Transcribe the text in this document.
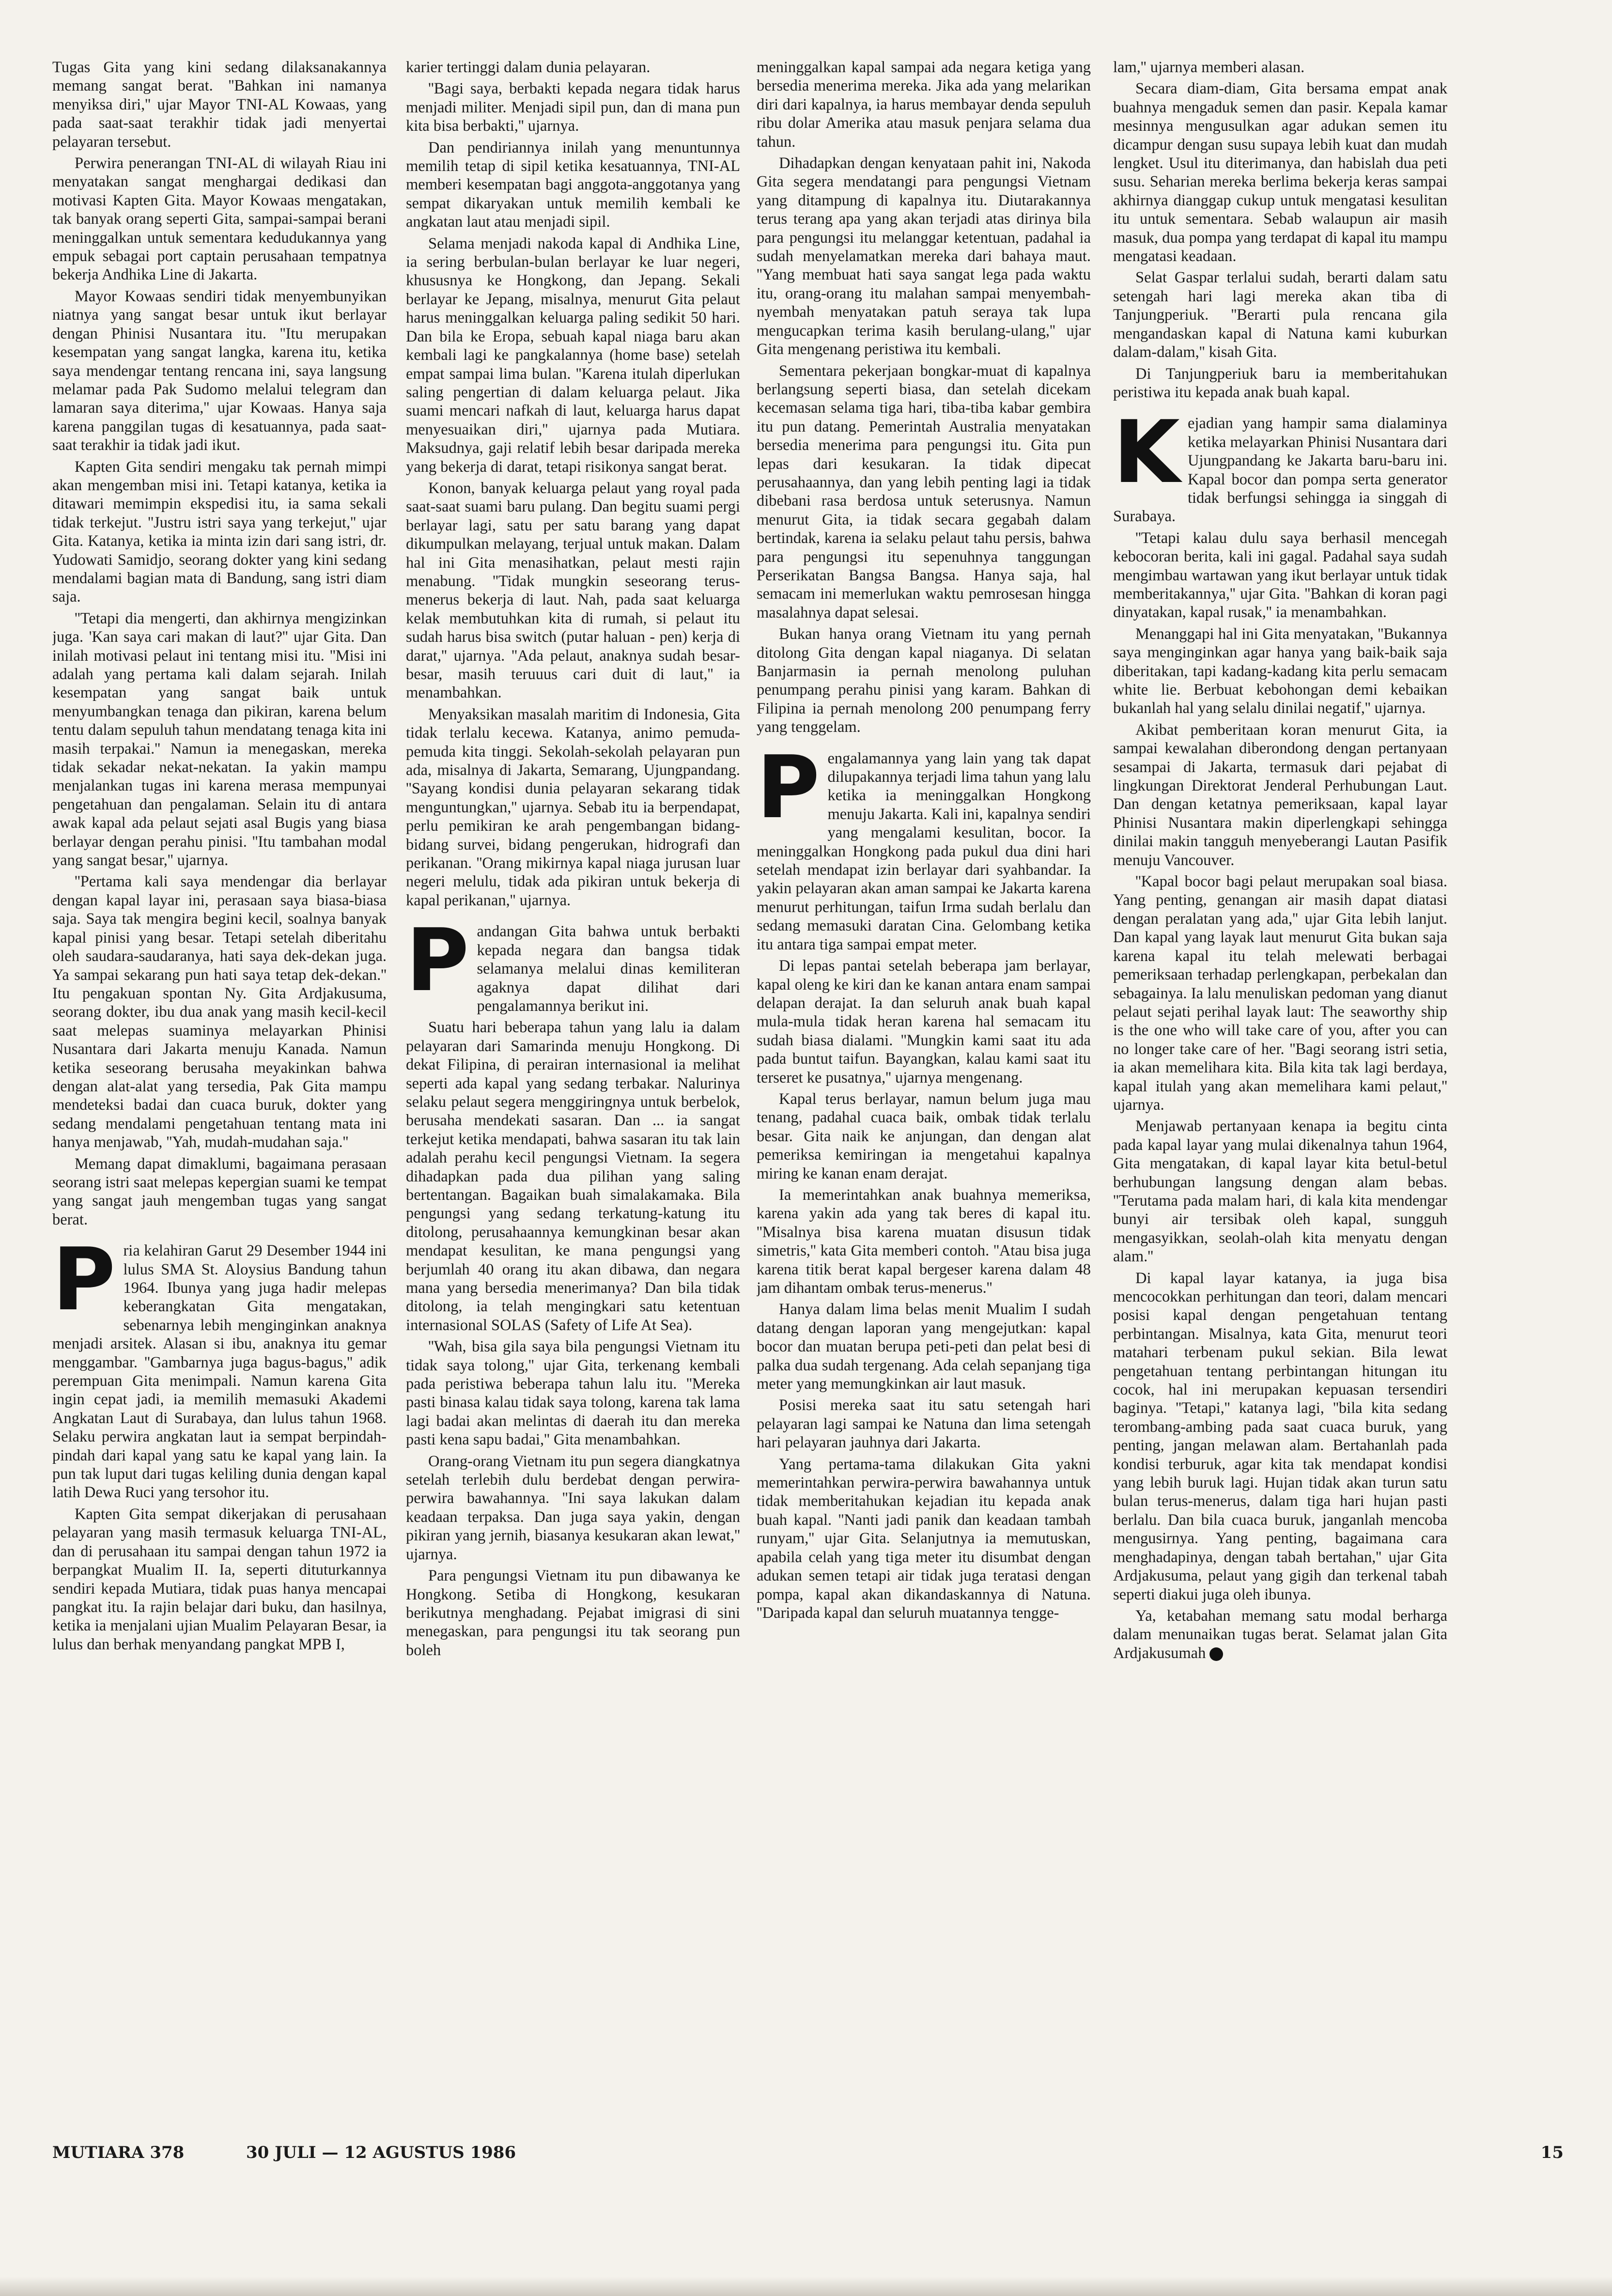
Tugas Gita yang kini sedang dilaksanakannya memang sangat berat. ''Bahkan ini namanya menyiksa diri,'' ujar Mayor TNI-AL Kowaas, yang pada saat-saat terakhir tidak jadi menyertai pelayaran tersebut.

Perwira penerangan TNI-AL di wilayah Riau ini menyatakan sangat menghargai dedikasi dan motivasi Kapten Gita. Mayor Kowaas mengatakan, tak banyak orang seperti Gita, sampai-sampai berani meninggalkan untuk sementara kedudukannya yang empuk sebagai port captain perusahaan tempatnya bekerja Andhika Line di Jakarta.

Mayor Kowaas sendiri tidak menyembunyikan niatnya yang sangat besar untuk ikut berlayar dengan Phinisi Nusantara itu. ''Itu merupakan kesempatan yang sangat langka, karena itu, ketika saya mendengar tentang rencana ini, saya langsung melamar pada Pak Sudomo melalui telegram dan lamaran saya diterima,'' ujar Kowaas. Hanya saja karena panggilan tugas di kesatuannya, pada saat-saat terakhir ia tidak jadi ikut.

Kapten Gita sendiri mengaku tak pernah mimpi akan mengemban misi ini. Tetapi katanya, ketika ia ditawari memimpin ekspedisi itu, ia sama sekali tidak terkejut. ''Justru istri saya yang terkejut,'' ujar Gita. Katanya, ketika ia minta izin dari sang istri, dr. Yudowati Samidjo, seorang dokter yang kini sedang mendalami bagian mata di Bandung, sang istri diam saja.

''Tetapi dia mengerti, dan akhirnya mengizinkan juga. 'Kan saya cari makan di laut?'' ujar Gita. Dan inilah motivasi pelaut ini tentang misi itu. ''Misi ini adalah yang pertama kali dalam sejarah. Inilah kesempatan yang sangat baik untuk menyumbangkan tenaga dan pikiran, karena belum tentu dalam sepuluh tahun mendatang tenaga kita ini masih terpakai.'' Namun ia menegaskan, mereka tidak sekadar nekat-nekatan. Ia yakin mampu menjalankan tugas ini karena merasa mempunyai pengetahuan dan pengalaman. Selain itu di antara awak kapal ada pelaut sejati asal Bugis yang biasa berlayar dengan perahu pinisi. ''Itu tambahan modal yang sangat besar,'' ujarnya.

''Pertama kali saya mendengar dia berlayar dengan kapal layar ini, perasaan saya biasa-biasa saja. Saya tak mengira begini kecil, soalnya banyak kapal pinisi yang besar. Tetapi setelah diberitahu oleh saudara-saudaranya, hati saya dek-dekan juga. Ya sampai sekarang pun hati saya tetap dek-dekan.'' Itu pengakuan spontan Ny. Gita Ardjakusuma, seorang dokter, ibu dua anak yang masih kecil-kecil saat melepas suaminya melayarkan Phinisi Nusantara dari Jakarta menuju Kanada. Namun ketika seseorang berusaha meyakinkan bahwa dengan alat-alat yang tersedia, Pak Gita mampu mendeteksi badai dan cuaca buruk, dokter yang sedang mendalami pengetahuan tentang mata ini hanya menjawab, ''Yah, mudah-mudahan saja.''

Memang dapat dimaklumi, bagaimana perasaan seorang istri saat melepas kepergian suami ke tempat yang sangat jauh mengemban tugas yang sangat berat.

Pria kelahiran Garut 29 Desember 1944 ini lulus SMA St. Aloysius Bandung tahun 1964. Ibunya yang juga hadir melepas keberangkatan Gita mengatakan, sebenarnya lebih menginginkan anaknya menjadi arsitek. Alasan si ibu, anaknya itu gemar menggambar. ''Gambarnya juga bagus-bagus,'' adik perempuan Gita menimpali. Namun karena Gita ingin cepat jadi, ia memilih memasuki Akademi Angkatan Laut di Surabaya, dan lulus tahun 1968. Selaku perwira angkatan laut ia sempat berpindah-pindah dari kapal yang satu ke kapal yang lain. Ia pun tak luput dari tugas keliling dunia dengan kapal latih Dewa Ruci yang tersohor itu.

Kapten Gita sempat dikerjakan di perusahaan pelayaran yang masih termasuk keluarga TNI-AL, dan di perusahaan itu sampai dengan tahun 1972 ia berpangkat Mualim II. Ia, seperti dituturkannya sendiri kepada Mutiara, tidak puas hanya mencapai pangkat itu. Ia rajin belajar dari buku, dan hasilnya, ketika ia menjalani ujian Mualim Pelayaran Besar, ia lulus dan berhak menyandang pangkat MPB I,

karier tertinggi dalam dunia pelayaran.

''Bagi saya, berbakti kepada negara tidak harus menjadi militer. Menjadi sipil pun, dan di mana pun kita bisa berbakti,'' ujarnya.

Dan pendiriannya inilah yang menuntunnya memilih tetap di sipil ketika kesatuannya, TNI-AL memberi kesempatan bagi anggota-anggotanya yang sempat dikaryakan untuk memilih kembali ke angkatan laut atau menjadi sipil.

Selama menjadi nakoda kapal di Andhika Line, ia sering berbulan-bulan berlayar ke luar negeri, khususnya ke Hongkong, dan Jepang. Sekali berlayar ke Jepang, misalnya, menurut Gita pelaut harus meninggalkan keluarga paling sedikit 50 hari. Dan bila ke Eropa, sebuah kapal niaga baru akan kembali lagi ke pangkalannya (home base) setelah empat sampai lima bulan. ''Karena itulah diperlukan saling pengertian di dalam keluarga pelaut. Jika suami mencari nafkah di laut, keluarga harus dapat menyesuaikan diri,'' ujarnya pada Mutiara. Maksudnya, gaji relatif lebih besar daripada mereka yang bekerja di darat, tetapi risikonya sangat berat.

Konon, banyak keluarga pelaut yang royal pada saat-saat suami baru pulang. Dan begitu suami pergi berlayar lagi, satu per satu barang yang dapat dikumpulkan melayang, terjual untuk makan. Dalam hal ini Gita menasihatkan, pelaut mesti rajin menabung. ''Tidak mungkin seseorang terus-menerus bekerja di laut. Nah, pada saat keluarga kelak membutuhkan kita di rumah, si pelaut itu sudah harus bisa switch (putar haluan - pen) kerja di darat,'' ujarnya. ''Ada pelaut, anaknya sudah besar-besar, masih teruuus cari duit di laut,'' ia menambahkan.

Menyaksikan masalah maritim di Indonesia, Gita tidak terlalu kecewa. Katanya, animo pemuda-pemuda kita tinggi. Sekolah-sekolah pelayaran pun ada, misalnya di Jakarta, Semarang, Ujungpandang. ''Sayang kondisi dunia pelayaran sekarang tidak menguntungkan,'' ujarnya. Sebab itu ia berpendapat, perlu pemikiran ke arah pengembangan bidang-bidang survei, bidang pengerukan, hidrografi dan perikanan. ''Orang mikirnya kapal niaga jurusan luar negeri melulu, tidak ada pikiran untuk bekerja di kapal perikanan,'' ujarnya.

Pandangan Gita bahwa untuk berbakti kepada negara dan bangsa tidak selamanya melalui dinas kemiliteran agaknya dapat dilihat dari pengalamannya berikut ini.

Suatu hari beberapa tahun yang lalu ia dalam pelayaran dari Samarinda menuju Hongkong. Di dekat Filipina, di perairan internasional ia melihat seperti ada kapal yang sedang terbakar. Nalurinya selaku pelaut segera menggiringnya untuk berbelok, berusaha mendekati sasaran. Dan ... ia sangat terkejut ketika mendapati, bahwa sasaran itu tak lain adalah perahu kecil pengungsi Vietnam. Ia segera dihadapkan pada dua pilihan yang saling bertentangan. Bagaikan buah simalakamaka. Bila pengungsi yang sedang terkatung-katung itu ditolong, perusahaannya kemungkinan besar akan mendapat kesulitan, ke mana pengungsi yang berjumlah 40 orang itu akan dibawa, dan negara mana yang bersedia menerimanya? Dan bila tidak ditolong, ia telah mengingkari satu ketentuan internasional SOLAS (Safety of Life At Sea).

''Wah, bisa gila saya bila pengungsi Vietnam itu tidak saya tolong,'' ujar Gita, terkenang kembali pada peristiwa beberapa tahun lalu itu. ''Mereka pasti binasa kalau tidak saya tolong, karena tak lama lagi badai akan melintas di daerah itu dan mereka pasti kena sapu badai,'' Gita menambahkan.

Orang-orang Vietnam itu pun segera diangkatnya setelah terlebih dulu berdebat dengan perwira-perwira bawahannya. ''Ini saya lakukan dalam keadaan terpaksa. Dan juga saya yakin, dengan pikiran yang jernih, biasanya kesukaran akan lewat,'' ujarnya.

Para pengungsi Vietnam itu pun dibawanya ke Hongkong. Setiba di Hongkong, kesukaran berikutnya menghadang. Pejabat imigrasi di sini menegaskan, para pengungsi itu tak seorang pun boleh

meninggalkan kapal sampai ada negara ketiga yang bersedia menerima mereka. Jika ada yang melarikan diri dari kapalnya, ia harus membayar denda sepuluh ribu dolar Amerika atau masuk penjara selama dua tahun.

Dihadapkan dengan kenyataan pahit ini, Nakoda Gita segera mendatangi para pengungsi Vietnam yang ditampung di kapalnya itu. Diutarakannya terus terang apa yang akan terjadi atas dirinya bila para pengungsi itu melanggar ketentuan, padahal ia sudah menyelamatkan mereka dari bahaya maut. ''Yang membuat hati saya sangat lega pada waktu itu, orang-orang itu malahan sampai menyembah-nyembah menyatakan patuh seraya tak lupa mengucapkan terima kasih berulang-ulang,'' ujar Gita mengenang peristiwa itu kembali.

Sementara pekerjaan bongkar-muat di kapalnya berlangsung seperti biasa, dan setelah dicekam kecemasan selama tiga hari, tiba-tiba kabar gembira itu pun datang. Pemerintah Australia menyatakan bersedia menerima para pengungsi itu. Gita pun lepas dari kesukaran. Ia tidak dipecat perusahaannya, dan yang lebih penting lagi ia tidak dibebani rasa berdosa untuk seterusnya. Namun menurut Gita, ia tidak secara gegabah dalam bertindak, karena ia selaku pelaut tahu persis, bahwa para pengungsi itu sepenuhnya tanggungan Perserikatan Bangsa Bangsa. Hanya saja, hal semacam ini memerlukan waktu pemrosesan hingga masalahnya dapat selesai.

Bukan hanya orang Vietnam itu yang pernah ditolong Gita dengan kapal niaganya. Di selatan Banjarmasin ia pernah menolong puluhan penumpang perahu pinisi yang karam. Bahkan di Filipina ia pernah menolong 200 penumpang ferry yang tenggelam.

Pengalamannya yang lain yang tak dapat dilupakannya terjadi lima tahun yang lalu ketika ia meninggalkan Hongkong menuju Jakarta. Kali ini, kapalnya sendiri yang mengalami kesulitan, bocor. Ia meninggalkan Hongkong pada pukul dua dini hari setelah mendapat izin berlayar dari syahbandar. Ia yakin pelayaran akan aman sampai ke Jakarta karena menurut perhitungan, taifun Irma sudah berlalu dan sedang memasuki daratan Cina. Gelombang ketika itu antara tiga sampai empat meter.

Di lepas pantai setelah beberapa jam berlayar, kapal oleng ke kiri dan ke kanan antara enam sampai delapan derajat. Ia dan seluruh anak buah kapal mula-mula tidak heran karena hal semacam itu sudah biasa dialami. ''Mungkin kami saat itu ada pada buntut taifun. Bayangkan, kalau kami saat itu terseret ke pusatnya,'' ujarnya mengenang.

Kapal terus berlayar, namun belum juga mau tenang, padahal cuaca baik, ombak tidak terlalu besar. Gita naik ke anjungan, dan dengan alat pemeriksa kemiringan ia mengetahui kapalnya miring ke kanan enam derajat.

Ia memerintahkan anak buahnya memeriksa, karena yakin ada yang tak beres di kapal itu. ''Misalnya bisa karena muatan disusun tidak simetris,'' kata Gita memberi contoh. ''Atau bisa juga karena titik berat kapal bergeser karena dalam 48 jam dihantam ombak terus-menerus.''

Hanya dalam lima belas menit Mualim I sudah datang dengan laporan yang mengejutkan: kapal bocor dan muatan berupa peti-peti dan pelat besi di palka dua sudah tergenang. Ada celah sepanjang tiga meter yang memungkinkan air laut masuk.

Posisi mereka saat itu satu setengah hari pelayaran lagi sampai ke Natuna dan lima setengah hari pelayaran jauhnya dari Jakarta.

Yang pertama-tama dilakukan Gita yakni memerintahkan perwira-perwira bawahannya untuk tidak memberitahukan kejadian itu kepada anak buah kapal. ''Nanti jadi panik dan keadaan tambah runyam,'' ujar Gita. Selanjutnya ia memutuskan, apabila celah yang tiga meter itu disumbat dengan adukan semen tetapi air tidak juga teratasi dengan pompa, kapal akan dikandaskannya di Natuna. ''Daripada kapal dan seluruh muatannya tengge-

lam,'' ujarnya memberi alasan.

Secara diam-diam, Gita bersama empat anak buahnya mengaduk semen dan pasir. Kepala kamar mesinnya mengusulkan agar adukan semen itu dicampur dengan susu supaya lebih kuat dan mudah lengket. Usul itu diterimanya, dan habislah dua peti susu. Seharian mereka berlima bekerja keras sampai akhirnya dianggap cukup untuk mengatasi kesulitan itu untuk sementara. Sebab walaupun air masih masuk, dua pompa yang terdapat di kapal itu mampu mengatasi keadaan.

Selat Gaspar terlalui sudah, berarti dalam satu setengah hari lagi mereka akan tiba di Tanjungperiuk. ''Berarti pula rencana gila mengandaskan kapal di Natuna kami kuburkan dalam-dalam,'' kisah Gita.

Di Tanjungperiuk baru ia memberitahukan peristiwa itu kepada anak buah kapal.

Kejadian yang hampir sama dialaminya ketika melayarkan Phinisi Nusantara dari Ujungpandang ke Jakarta baru-baru ini. Kapal bocor dan pompa serta generator tidak berfungsi sehingga ia singgah di Surabaya.

''Tetapi kalau dulu saya berhasil mencegah kebocoran berita, kali ini gagal. Padahal saya sudah mengimbau wartawan yang ikut berlayar untuk tidak memberitakannya,'' ujar Gita. ''Bahkan di koran pagi dinyatakan, kapal rusak,'' ia menambahkan.

Menanggapi hal ini Gita menyatakan, ''Bukannya saya menginginkan agar hanya yang baik-baik saja diberitakan, tapi kadang-kadang kita perlu semacam white lie. Berbuat kebohongan demi kebaikan bukanlah hal yang selalu dinilai negatif,'' ujarnya.

Akibat pemberitaan koran menurut Gita, ia sampai kewalahan diberondong dengan pertanyaan sesampai di Jakarta, termasuk dari pejabat di lingkungan Direktorat Jenderal Perhubungan Laut. Dan dengan ketatnya pemeriksaan, kapal layar Phinisi Nusantara makin diperlengkapi sehingga dinilai makin tangguh menyeberangi Lautan Pasifik menuju Vancouver.

''Kapal bocor bagi pelaut merupakan soal biasa. Yang penting, genangan air masih dapat diatasi dengan peralatan yang ada,'' ujar Gita lebih lanjut. Dan kapal yang layak laut menurut Gita bukan saja karena kapal itu telah melewati berbagai pemeriksaan terhadap perlengkapan, perbekalan dan sebagainya. Ia lalu menuliskan pedoman yang dianut pelaut sejati perihal layak laut: The seaworthy ship is the one who will take care of you, after you can no longer take care of her. ''Bagi seorang istri setia, ia akan memelihara kita. Bila kita tak lagi berdaya, kapal itulah yang akan memelihara kami pelaut,'' ujarnya.

Menjawab pertanyaan kenapa ia begitu cinta pada kapal layar yang mulai dikenalnya tahun 1964, Gita mengatakan, di kapal layar kita betul-betul berhubungan langsung dengan alam bebas. ''Terutama pada malam hari, di kala kita mendengar bunyi air tersibak oleh kapal, sungguh mengasyikkan, seolah-olah kita menyatu dengan alam.''

Di kapal layar katanya, ia juga bisa mencocokkan perhitungan dan teori, dalam mencari posisi kapal dengan pengetahuan tentang perbintangan. Misalnya, kata Gita, menurut teori matahari terbenam pukul sekian. Bila lewat pengetahuan tentang perbintangan hitungan itu cocok, hal ini merupakan kepuasan tersendiri baginya. ''Tetapi,'' katanya lagi, ''bila kita sedang terombang-ambing pada saat cuaca buruk, yang penting, jangan melawan alam. Bertahanlah pada kondisi terburuk, agar kita tak mendapat kondisi yang lebih buruk lagi. Hujan tidak akan turun satu bulan terus-menerus, dalam tiga hari hujan pasti berlalu. Dan bila cuaca buruk, janganlah mencoba mengusirnya. Yang penting, bagaimana cara menghadapinya, dengan tabah bertahan,'' ujar Gita Ardjakusuma, pelaut yang gigih dan terkenal tabah seperti diakui juga oleh ibunya.

Ya, ketabahan memang satu modal berharga dalam menunaikan tugas berat. Selamat jalan Gita Ardjakusumah

MUTIARA 378	30 JULI — 12 AGUSTUS 1986	15
